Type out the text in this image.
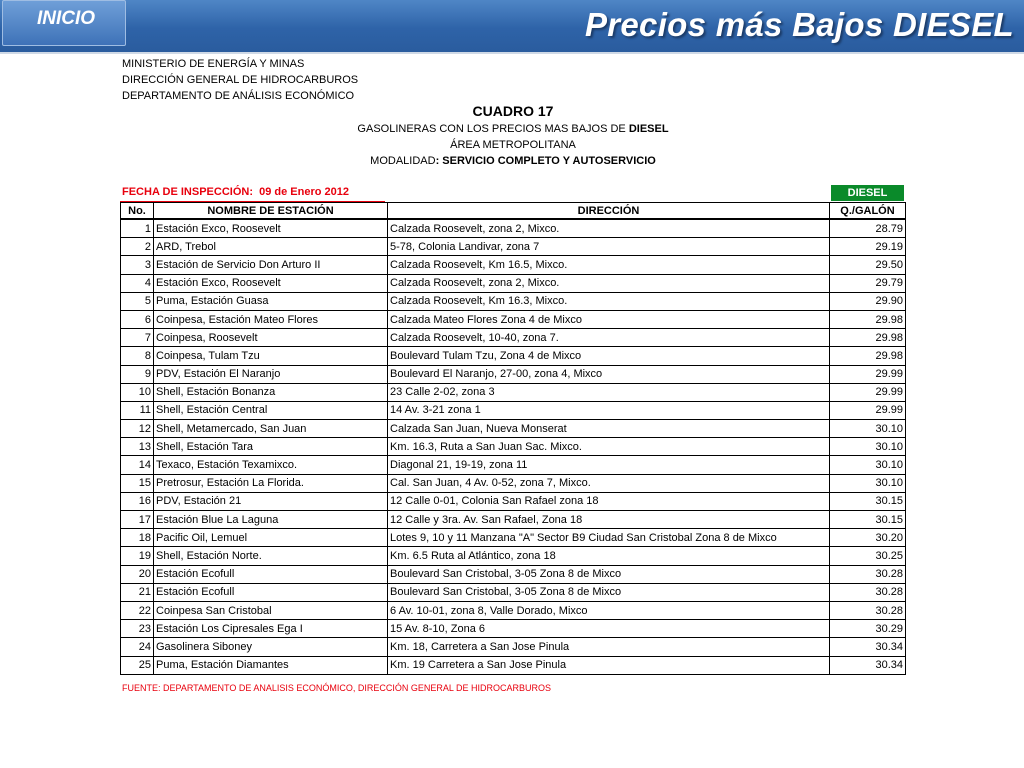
INICIO	Precios más Bajos DIESEL
MINISTERIO DE ENERGÍA Y MINAS
DIRECCIÓN GENERAL DE HIDROCARBUROS
DEPARTAMENTO DE ANÁLISIS ECONÓMICO
CUADRO 17
GASOLINERAS CON LOS PRECIOS MAS BAJOS DE DIESEL
ÁREA METROPOLITANA
MODALIDAD: SERVICIO COMPLETO Y AUTOSERVICIO
FECHA DE INSPECCIÓN: 09 de Enero 2012	DIESEL
No.	NOMBRE DE ESTACIÓN	DIRECCIÓN	Q./GALÓN
1	Estación Exco, Roosevelt	Calzada Roosevelt, zona 2, Mixco.	28.79
2	ARD, Trebol	5-78, Colonia Landivar, zona 7	29.19
3	Estación de Servicio Don Arturo II	Calzada Roosevelt, Km 16.5, Mixco.	29.50
4	Estación Exco, Roosevelt	Calzada Roosevelt, zona 2, Mixco.	29.79
5	Puma, Estación Guasa	Calzada Roosevelt, Km 16.3, Mixco.	29.90
6	Coinpesa, Estación Mateo Flores	Calzada Mateo Flores Zona 4 de Mixco	29.98
7	Coinpesa, Roosevelt	Calzada Roosevelt, 10-40, zona 7.	29.98
8	Coinpesa, Tulam Tzu	Boulevard Tulam Tzu, Zona 4 de Mixco	29.98
9	PDV, Estación El Naranjo	Boulevard El Naranjo, 27-00, zona 4, Mixco	29.99
10	Shell, Estación Bonanza	23 Calle 2-02, zona 3	29.99
11	Shell, Estación Central	14 Av. 3-21 zona 1	29.99
12	Shell, Metamercado, San Juan	Calzada San Juan, Nueva Monserat	30.10
13	Shell, Estación Tara	Km. 16.3, Ruta a San Juan Sac. Mixco.	30.10
14	Texaco, Estación Texamixco.	Diagonal 21, 19-19, zona 11	30.10
15	Pretrosur, Estación La Florida.	Cal. San Juan, 4 Av. 0-52, zona 7, Mixco.	30.10
16	PDV, Estación 21	12 Calle 0-01, Colonia San Rafael zona 18	30.15
17	Estación Blue La Laguna	12 Calle y 3ra. Av. San Rafael, Zona 18	30.15
18	Pacific Oil, Lemuel	Lotes 9, 10 y 11 Manzana "A" Sector B9 Ciudad San Cristobal Zona 8 de Mixco	30.20
19	Shell, Estación Norte.	Km. 6.5 Ruta al Atlántico, zona 18	30.25
20	Estación Ecofull	Boulevard San Cristobal, 3-05 Zona 8 de Mixco	30.28
21	Estación Ecofull	Boulevard San Cristobal, 3-05 Zona 8 de Mixco	30.28
22	Coinpesa San Cristobal	6 Av. 10-01, zona 8, Valle Dorado, Mixco	30.28
23	Estación Los Cipresales Ega I	15 Av. 8-10, Zona 6	30.29
24	Gasolinera Siboney	Km. 18, Carretera a San Jose Pinula	30.34
25	Puma, Estación Diamantes	Km. 19 Carretera a San Jose Pinula	30.34
FUENTE: DEPARTAMENTO DE ANALISIS ECONÓMICO, DIRECCIÓN GENERAL DE HIDROCARBUROS
